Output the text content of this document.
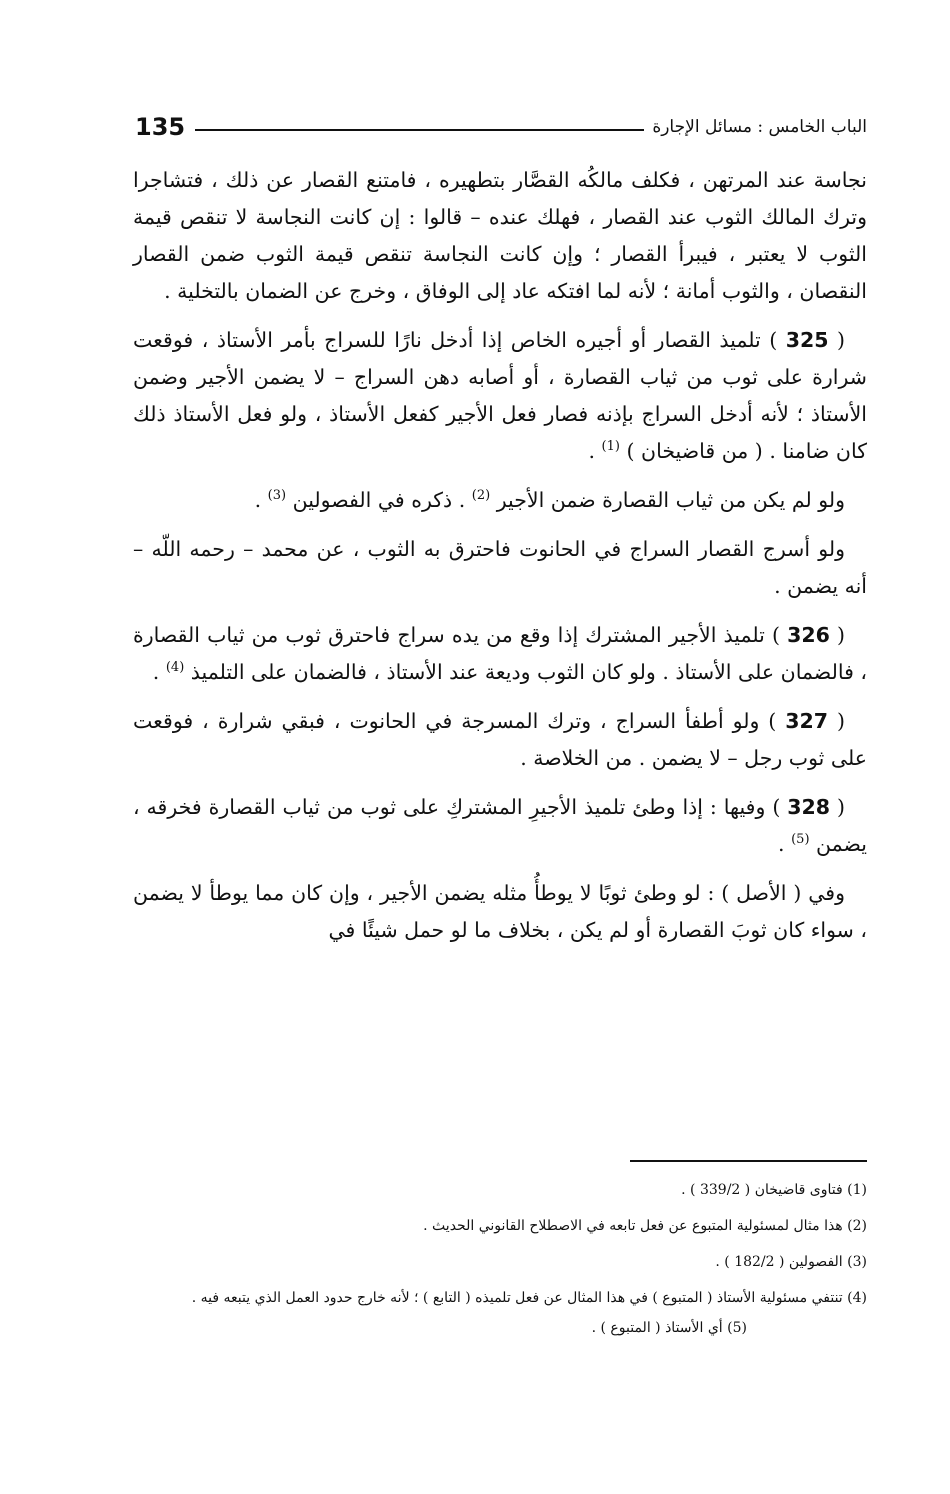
135	الباب الخامس : مسائل الإجارة

نجاسة عند المرتهن ، فكلف مالكُه القصَّار بتطهيره ، فامتنع القصار عن ذلك ، فتشاجرا وترك المالك الثوب عند القصار ، فهلك عنده – قالوا : إن كانت النجاسة لا تنقص قيمة الثوب لا يعتبر ، فيبرأ القصار ؛ وإن كانت النجاسة تنقص قيمة الثوب ضمن القصار النقصان ، والثوب أمانة ؛ لأنه لما افتكه عاد إلى الوفاق ، وخرج عن الضمان بالتخلية .

( 325 ) تلميذ القصار أو أجيره الخاص إذا أدخل نارًا للسراج بأمر الأستاذ ، فوقعت شرارة على ثوب من ثياب القصارة ، أو أصابه دهن السراج – لا يضمن الأجير وضمن الأستاذ ؛ لأنه أدخل السراج بإذنه فصار فعل الأجير كفعل الأستاذ ، ولو فعل الأستاذ ذلك كان ضامنا . ( من قاضيخان ) $^{(1)}$ .

ولو لم يكن من ثياب القصارة ضمن الأجير $^{(2)}$ . ذكره في الفصولين $^{(3)}$ .

ولو أسرج القصار السراج في الحانوت فاحترق به الثوب ، عن محمد – رحمه اللّه – أنه يضمن .

( 326 ) تلميذ الأجير المشترك إذا وقع من يده سراج فاحترق ثوب من ثياب القصارة ، فالضمان على الأستاذ . ولو كان الثوب وديعة عند الأستاذ ، فالضمان على التلميذ $^{(4)}$ .

( 327 ) ولو أطفأ السراج ، وترك المسرجة في الحانوت ، فبقي شرارة ، فوقعت على ثوب رجل – لا يضمن . من الخلاصة .

( 328 ) وفيها : إذا وطئ تلميذ الأجيرِ المشتركِ على ثوب من ثياب القصارة فخرقه ، يضمن $^{(5)}$ .

وفي ( الأصل ) : لو وطئ ثوبًا لا يوطأُ مثله يضمن الأجير ، وإن كان مما يوطأ لا يضمن ، سواء كان ثوبَ القصارة أو لم يكن ، بخلاف ما لو حمل شيئًا في

(1) فتاوى قاضيخان ( 339/2 ) .

(2) هذا مثال لمسئولية المتبوع عن فعل تابعه في الاصطلاح القانوني الحديث .

(3) الفصولين ( 182/2 ) .

(4) تنتفي مسئولية الأستاذ ( المتبوع ) في هذا المثال عن فعل تلميذه ( التابع ) ؛ لأنه خارج حدود العمل الذي يتبعه فيه . (5) أي الأستاذ ( المتبوع ) .
